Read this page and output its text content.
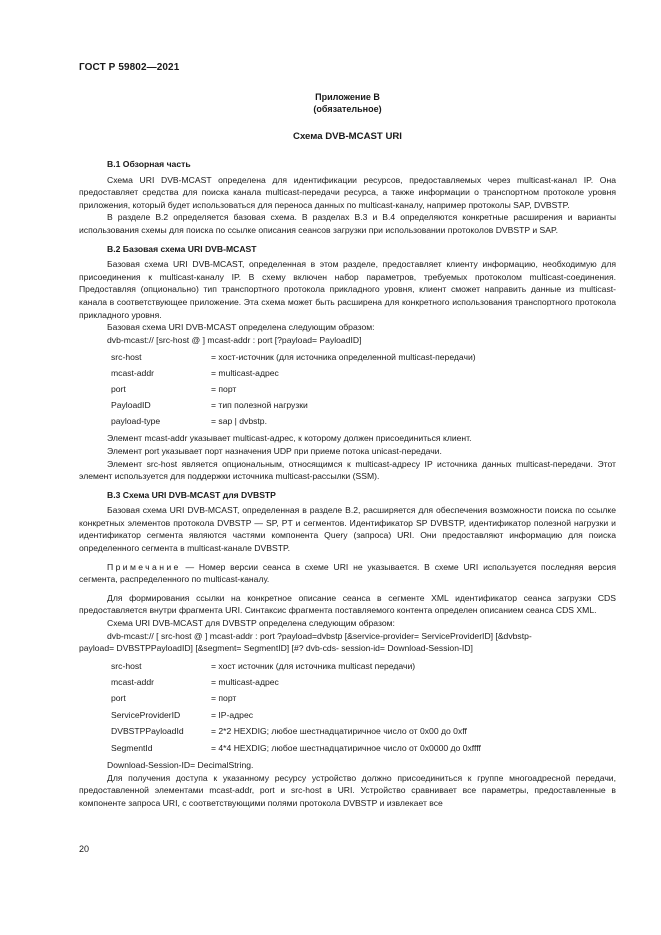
ГОСТ Р 59802—2021
Приложение В
(обязательное)
Схема DVB-MCAST URI

В.1 Обзорная часть

Схема URI DVB-MCAST определена для идентификации ресурсов, предоставляемых через multicast-канал IP. Она предоставляет средства для поиска канала multicast-передачи ресурса, а также информации о транспортном протоколе уровня приложения, который будет использоваться для переноса данных по multicast-каналу, например протоколы SAP, DVBSTP.

В разделе В.2 определяется базовая схема. В разделах В.3 и В.4 определяются конкретные расширения и варианты использования схемы для поиска по ссылке описания сеансов загрузки при использовании протоколов DVBSTP и SAP.

В.2 Базовая схема URI DVB-MCAST

Базовая схема URI DVB-MCAST, определенная в этом разделе, предоставляет клиенту информацию, необходимую для присоединения к multicast-каналу IP. В схему включен набор параметров, требуемых протоколом multicast-соединения. Предоставляя (опционально) тип транспортного протокола прикладного уровня, клиент сможет направить данные из multicast-канала в соответствующее приложение. Эта схема может быть расширена для конкретного использования транспортного протокола прикладного уровня.

Базовая схема URI DVB-MCAST определена следующим образом:

dvb-mcast:// [src-host @ ] mcast-addr : port [?payload= PayloadID]

src-host	= хост-источник (для источника определенной multicast-передачи)
mcast-addr	= multicast-адрес
port	= порт
PayloadID	= тип полезной нагрузки
payload-type	= sap | dvbstp.

Элемент mcast-addr указывает multicast-адрес, к которому должен присоединиться клиент.

Элемент port указывает порт назначения UDP при приеме потока unicast-передачи.

Элемент src-host является опциональным, относящимся к multicast-адресу IP источника данных multicast-передачи. Этот элемент используется для поддержки источника multicast-рассылки (SSM).

В.3 Схема URI DVB-MCAST для DVBSTP

Базовая схема URI DVB-MCAST, определенная в разделе В.2, расширяется для обеспечения возможности поиска по ссылке конкретных элементов протокола DVBSTP — SP, PT и сегментов. Идентификатор SP DVBSTP, идентификатор полезной нагрузки и идентификатор сегмента являются частями компонента Query (запроса) URI. Они предоставляют информацию для поиска определенного сегмента в multicast-канале DVBSTP.

Примечание — Номер версии сеанса в схеме URI не указывается. В схеме URI используется последняя версия сегмента, распределенного по multicast-каналу.

Для формирования ссылки на конкретное описание сеанса в сегменте XML идентификатор сеанса загрузки CDS предоставляется внутри фрагмента URI. Синтаксис фрагмента поставляемого контента определен описанием сеанса CDS XML.

Схема URI DVB-MCAST для DVBSTP определена следующим образом:

dvb-mcast:// [ src-host @ ] mcast-addr : port ?payload=dvbstp [&service-provider= ServiceProviderID] [&dvbstp-

payload= DVBSTPPayloadID] [&segment= SegmentID] [#? dvb-cds- session-id= Download-Session-ID]

src-host	= хост источник (для источника multicast передачи)
mcast-addr	= multicast-адрес
port	= порт
ServiceProviderID	= IP-адрес
DVBSTPPayloadId	= 2*2 HEXDIG; любое шестнадцатиричное число от 0x00 до 0xff
SegmentId	= 4*4 HEXDIG; любое шестнадцатиричное число от 0x0000 до 0xffff

Download-Session-ID= DecimalString.

Для получения доступа к указанному ресурсу устройство должно присоединиться к группе многоадресной передачи, предоставленной элементами mcast-addr, port и src-host в URI. Устройство сравнивает все параметры, предоставленные в компоненте запроса URI, с соответствующими полями протокола DVBSTP и извлекает все

20
